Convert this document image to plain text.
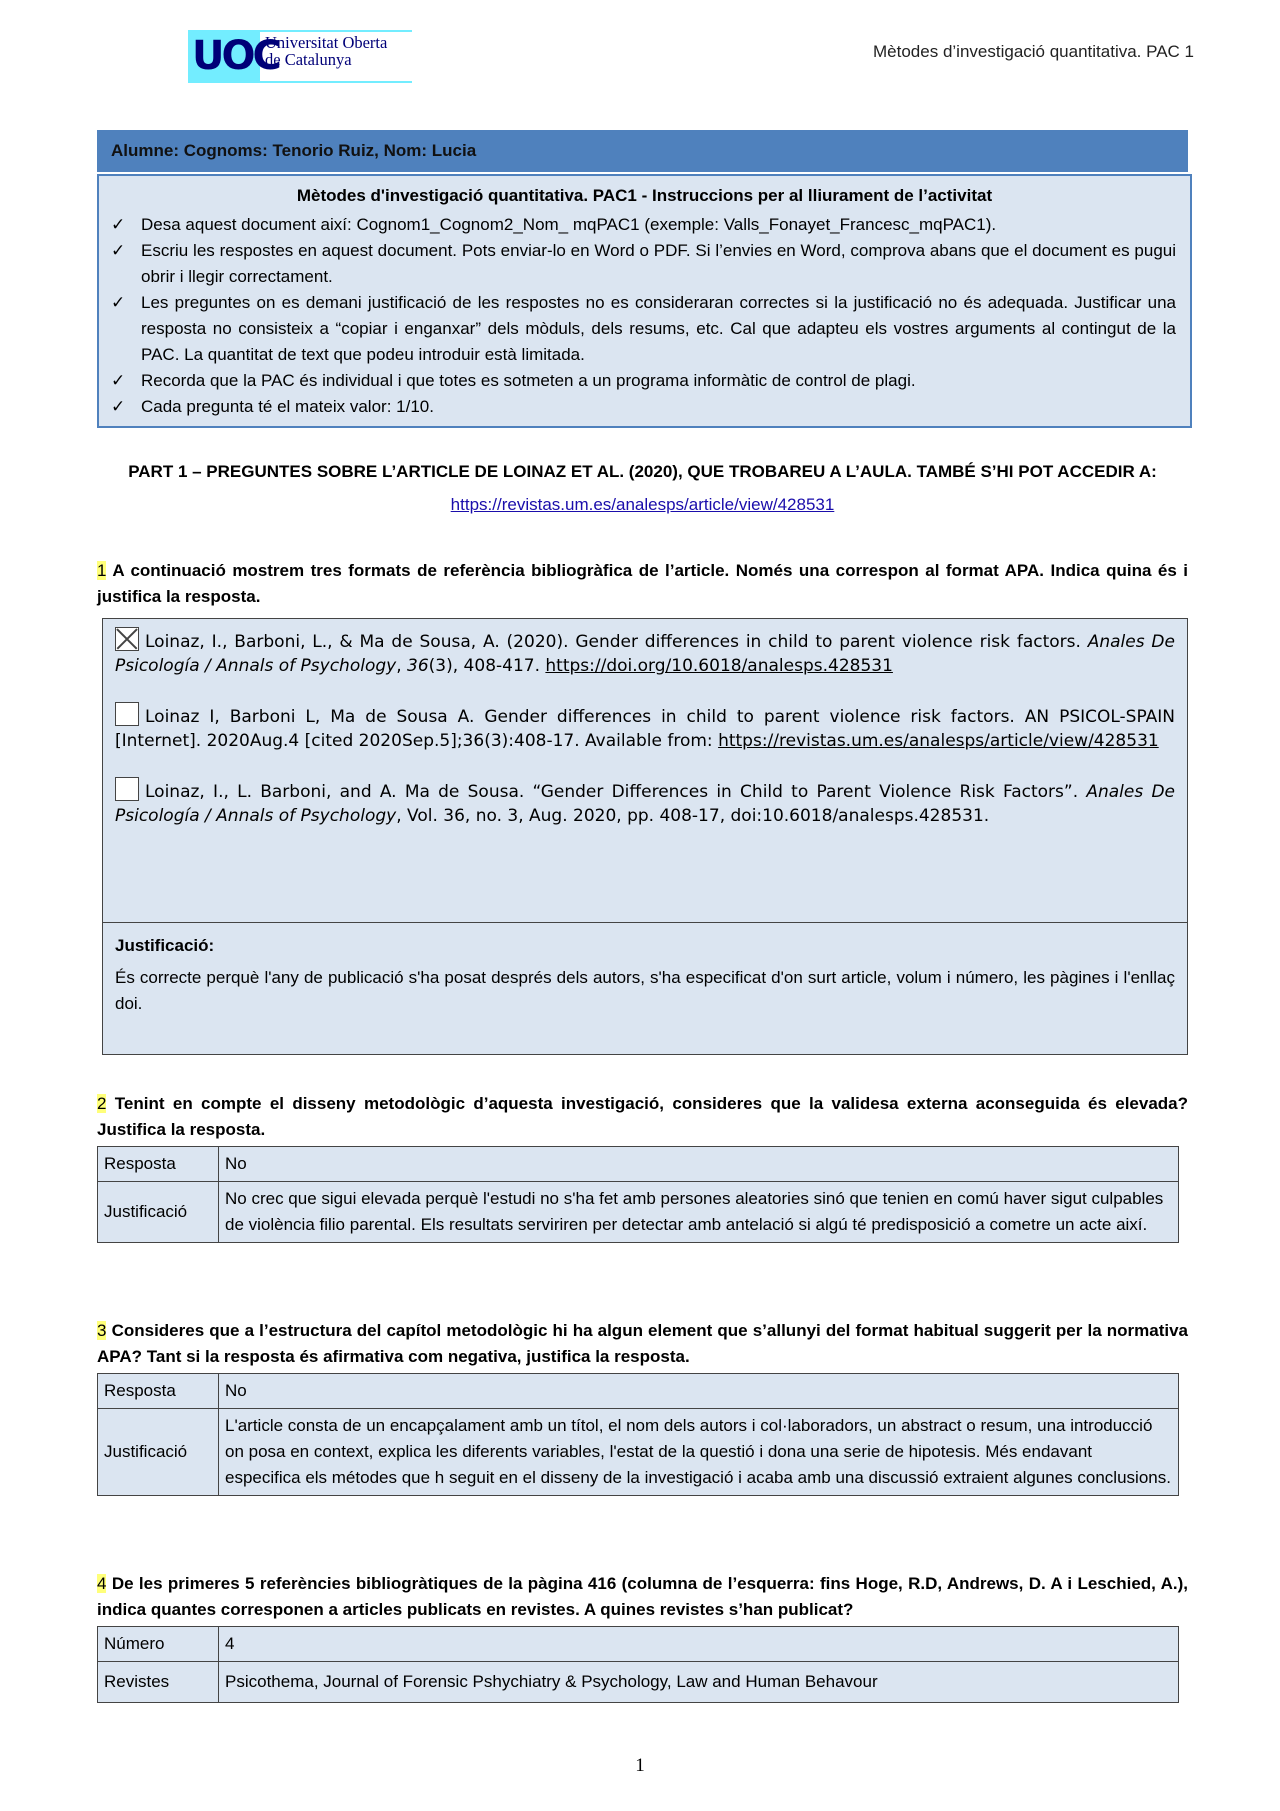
UOC
Universitat Oberta
de Catalunya	Mètodes d’investigació quantitativa. PAC 1
Alumne: Cognoms: Tenorio Ruiz, Nom: Lucia
Mètodes d'investigació quantitativa. PAC1 - Instruccions per al lliurament de l’activitat
✓ Desa aquest document així: Cognom1_Cognom2_Nom_ mqPAC1 (exemple: Valls_Fonayet_Francesc_mqPAC1).
✓ Escriu les respostes en aquest document. Pots enviar-lo en Word o PDF. Si l’envies en Word, comprova abans que el document es pugui obrir i llegir correctament.
✓ Les preguntes on es demani justificació de les respostes no es consideraran correctes si la justificació no és adequada. Justificar una resposta no consisteix a “copiar i enganxar” dels mòduls, dels resums, etc. Cal que adapteu els vostres arguments al contingut de la PAC. La quantitat de text que podeu introduir està limitada.
✓ Recorda que la PAC és individual i que totes es sotmeten a un programa informàtic de control de plagi.
✓ Cada pregunta té el mateix valor: 1/10.
PART 1 – PREGUNTES SOBRE L’ARTICLE DE LOINAZ ET AL. (2020), QUE TROBAREU A L’AULA. TAMBÉ S’HI POT ACCEDIR A:
https://revistas.um.es/analesps/article/view/428531
1 A continuació mostrem tres formats de referència bibliogràfica de l’article. Només una correspon al format APA. Indica quina és i justifica la resposta.
Loinaz, I., Barboni, L., & Ma de Sousa, A. (2020). Gender differences in child to parent violence risk factors. Anales De Psicología / Annals of Psychology, 36(3), 408-417. https://doi.org/10.6018/analesps.428531
Loinaz I, Barboni L, Ma de Sousa A. Gender differences in child to parent violence risk factors. AN PSICOL-SPAIN [Internet]. 2020Aug.4 [cited 2020Sep.5];36(3):408-17. Available from: https://revistas.um.es/analesps/article/view/428531
Loinaz, I., L. Barboni, and A. Ma de Sousa. “Gender Differences in Child to Parent Violence Risk Factors”. Anales De Psicología / Annals of Psychology, Vol. 36, no. 3, Aug. 2020, pp. 408-17, doi:10.6018/analesps.428531.
Justificació:

És correcte perquè l'any de publicació s'ha posat després dels autors, s'ha especificat d'on surt article, volum i número, les pàgines i l'enllaç doi.

2 Tenint en compte el disseny metodològic d’aquesta investigació, consideres que la validesa externa aconseguida és elevada? Justifica la resposta.
Resposta	No
Justificació	No crec que sigui elevada perquè l'estudi no s'ha fet amb persones aleatories sinó que tenien en comú haver sigut culpables de violència filio parental. Els resultats serviriren per detectar amb antelació si algú té predisposició a cometre un acte així.
3 Consideres que a l’estructura del capítol metodològic hi ha algun element que s’allunyi del format habitual suggerit per la normativa APA? Tant si la resposta és afirmativa com negativa, justifica la resposta.
Resposta	No
Justificació	L'article consta de un encapçalament amb un títol, el nom dels autors i col·laboradors, un abstract o resum, una introducció on posa en context, explica les diferents variables, l'estat de la questió i dona una serie de hipotesis. Més endavant especifica els métodes que h seguit en el disseny de la investigació i acaba amb una discussió extraient algunes conclusions.
4 De les primeres 5 referències bibliogràtiques de la pàgina 416 (columna de l’esquerra: fins Hoge, R.D, Andrews, D. A i Leschied, A.), indica quantes corresponen a articles publicats en revistes. A quines revistes s’han publicat?
Número	4
Revistes	Psicothema, Journal of Forensic Pshychiatry & Psychology, Law and Human Behavour
1
